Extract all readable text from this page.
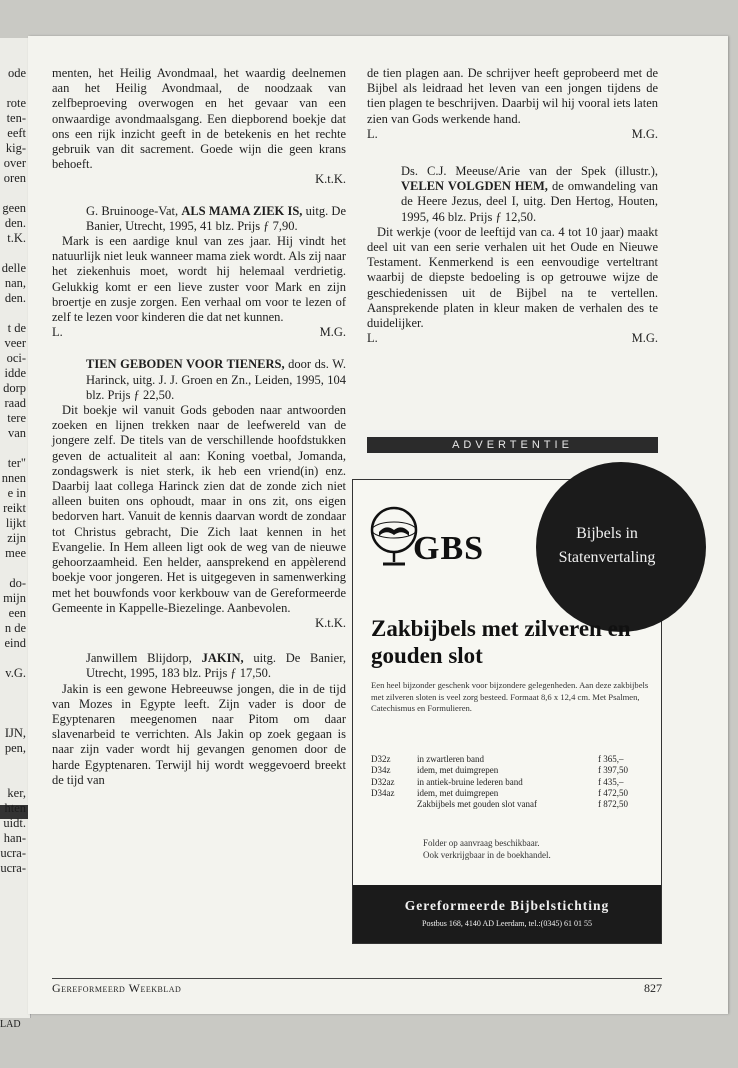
LAD
ode
rote
ten-
eeft
kig-
over
oren
geen
den.
t.K.
delle
nan,
den.
t de
veer
oci-
idde
dorp
raad
tere
van
ter"
nnen
e in
reikt
lijkt
zijn
mee
do-
mijn
een
n de
eind
v.G.
IJN,
pen,
ker,
hten
uidt.
han-
ucra-
ucra-

menten, het Heilig Avondmaal, het waardig deelnemen aan het Heilig Avondmaal, de noodzaak van zelfbeproeving overwogen en het gevaar van een onwaardige avondmaalsgang. Een diepborend boekje dat ons een rijk inzicht geeft in de betekenis en het rechte gebruik van dit sacrement. Goede wijn die geen krans behoeft.

K.t.K.

G. Bruinooge-Vat, ALS MAMA ZIEK IS, uitg. De Banier, Utrecht, 1995, 41 blz. Prijs ƒ 7,90.

Mark is een aardige knul van zes jaar. Hij vindt het natuurlijk niet leuk wanneer mama ziek wordt. Als zij naar het ziekenhuis moet, wordt hij helemaal verdrietig. Gelukkig komt er een lieve zuster voor Mark en zijn broertje en zusje zorgen. Een verhaal om voor te lezen of zelf te lezen voor kinderen die dat net kunnen.

L.	M.G.

TIEN GEBODEN VOOR TIENERS, door ds. W. Harinck, uitg. J. J. Groen en Zn., Leiden, 1995, 104 blz. Prijs ƒ 22,50.

Dit boekje wil vanuit Gods geboden naar antwoorden zoeken en lijnen trekken naar de leefwereld van de jongere zelf. De titels van de verschillende hoofdstukken geven de actualiteit al aan: Koning voetbal, Jomanda, zondagswerk is niet sterk, ik heb een vriend(in) enz. Daarbij laat collega Harinck zien dat de zonde zich niet alleen buiten ons ophoudt, maar in ons zit, ons eigen bedorven hart. Vanuit de kennis daarvan wordt de zondaar tot Christus gebracht, Die Zich laat kennen in het Evangelie. In Hem alleen ligt ook de weg van de nieuwe gehoorzaamheid. Een helder, aansprekend en appèlerend boekje voor jongeren. Het is uitgegeven in samenwerking met het bouwfonds voor kerkbouw van de Gereformeerde Gemeente in Kappelle-Biezelinge. Aanbevolen.

K.t.K.

Janwillem Blijdorp, JAKIN, uitg. De Banier, Utrecht, 1995, 183 blz. Prijs ƒ 17,50.

Jakin is een gewone Hebreeuwse jongen, die in de tijd van Mozes in Egypte leeft. Zijn vader is door de Egyptenaren meegenomen naar Pitom om daar slavenarbeid te verrichten. Als Jakin op zoek gegaan is naar zijn vader wordt hij gevangen genomen door de harde Egyptenaren. Terwijl hij wordt weggevoerd breekt de tijd van

de tien plagen aan. De schrijver heeft geprobeerd met de Bijbel als leidraad het leven van een jongen tijdens de tien plagen te beschrijven. Daarbij wil hij vooral iets laten zien van Gods werkende hand.

L.	M.G.

Ds. C.J. Meeuse/Arie van der Spek (illustr.), VELEN VOLGDEN HEM, de omwandeling van de Heere Jezus, deel I, uitg. Den Hertog, Houten, 1995, 46 blz. Prijs ƒ 12,50.

Dit werkje (voor de leeftijd van ca. 4 tot 10 jaar) maakt deel uit van een serie verhalen uit het Oude en Nieuwe Testament. Kenmerkend is een eenvoudige verteltrant waarbij de diepste bedoeling is op getrouwe wijze de geschiedenissen uit de Bijbel na te vertellen. Aansprekende platen in kleur maken de verhalen des te duidelijker.

L.	M.G.
ADVERTENTIE
Bijbels in Statenvertaling
GBS
Zakbijbels met zilveren en gouden slot
Een heel bijzonder geschenk voor bijzondere gelegenheden. Aan deze zakbijbels met zilveren sloten is veel zorg besteed. Formaat 8,6 x 12,4 cm. Met Psalmen, Catechismus en Formulieren.
D32z	in zwartleren band	f 365,–
D34z	idem, met duimgrepen	f 397,50
D32az	in antiek-bruine lederen band	f 435,–
D34az	idem, met duimgrepen	f 472,50
Zakbijbels met gouden slot vanaf	f 872,50
Folder op aanvraag beschikbaar.
Ook verkrijgbaar in de boekhandel.
Gereformeerde Bijbelstichting
Postbus 168, 4140 AD Leerdam, tel.:(0345) 61 01 55
Gereformeerd Weekblad	827
